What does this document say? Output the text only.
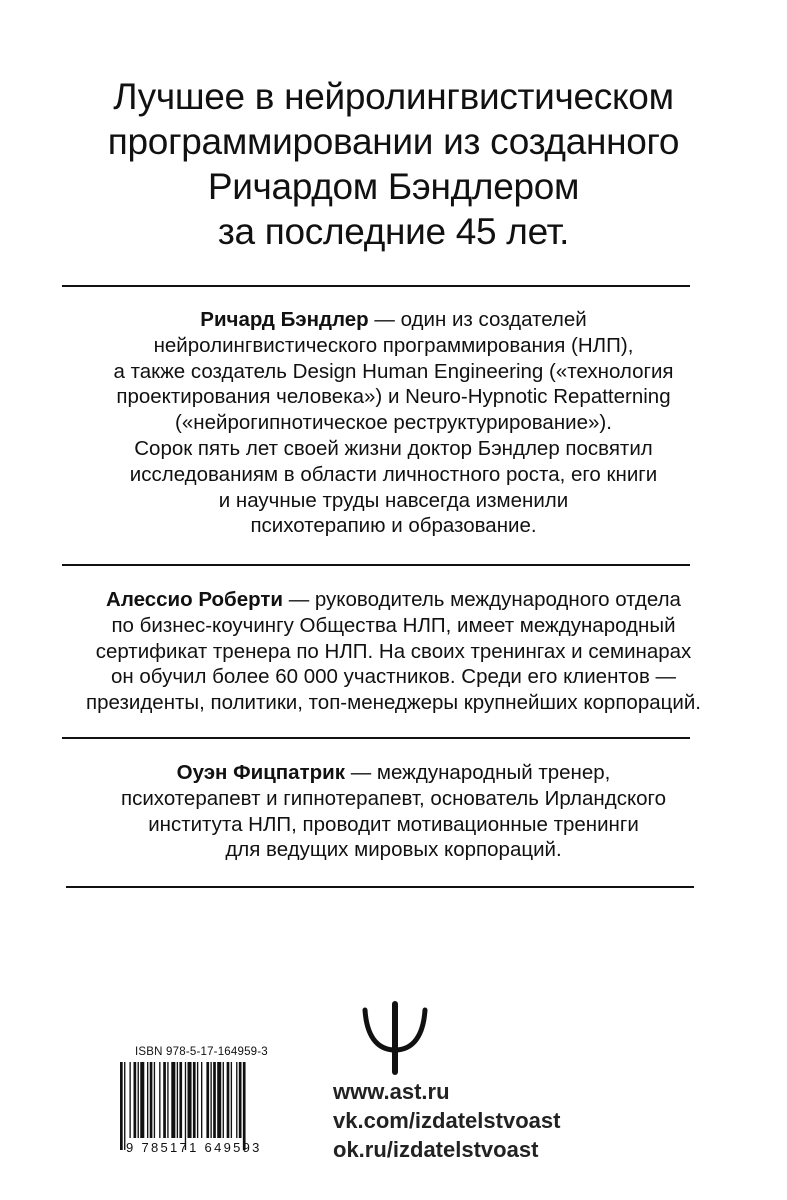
Лучшее в нейролингвистическом
программировании из созданного
Ричардом Бэндлером
за последние 45 лет.
Ричард Бэндлер — один из создателей
нейролингвистического программирования (НЛП),
а также создатель Design Human Engineering («технология
проектирования человека») и Neuro-Hypnotic Repatterning
(«нейрогипнотическое реструктурирование»).
Сорок пять лет своей жизни доктор Бэндлер посвятил
исследованиям в области личностного роста, его книги
и научные труды навсегда изменили
психотерапию и образование.
Алессио Роберти — руководитель международного отдела
по бизнес-коучингу Общества НЛП, имеет международный
сертификат тренера по НЛП. На своих тренингах и семинарах
он обучил более 60 000 участников. Среди его клиентов —
президенты, политики, топ-менеджеры крупнейших корпораций.
Оуэн Фицпатрик — международный тренер,
психотерапевт и гипнотерапевт, основатель Ирландского
института НЛП, проводит мотивационные тренинги
для ведущих мировых корпораций.
ISBN 978-5-17-164959-3
9 785171 649593
www.ast.ru
vk.com/izdatelstvoast
ok.ru/izdatelstvoast
